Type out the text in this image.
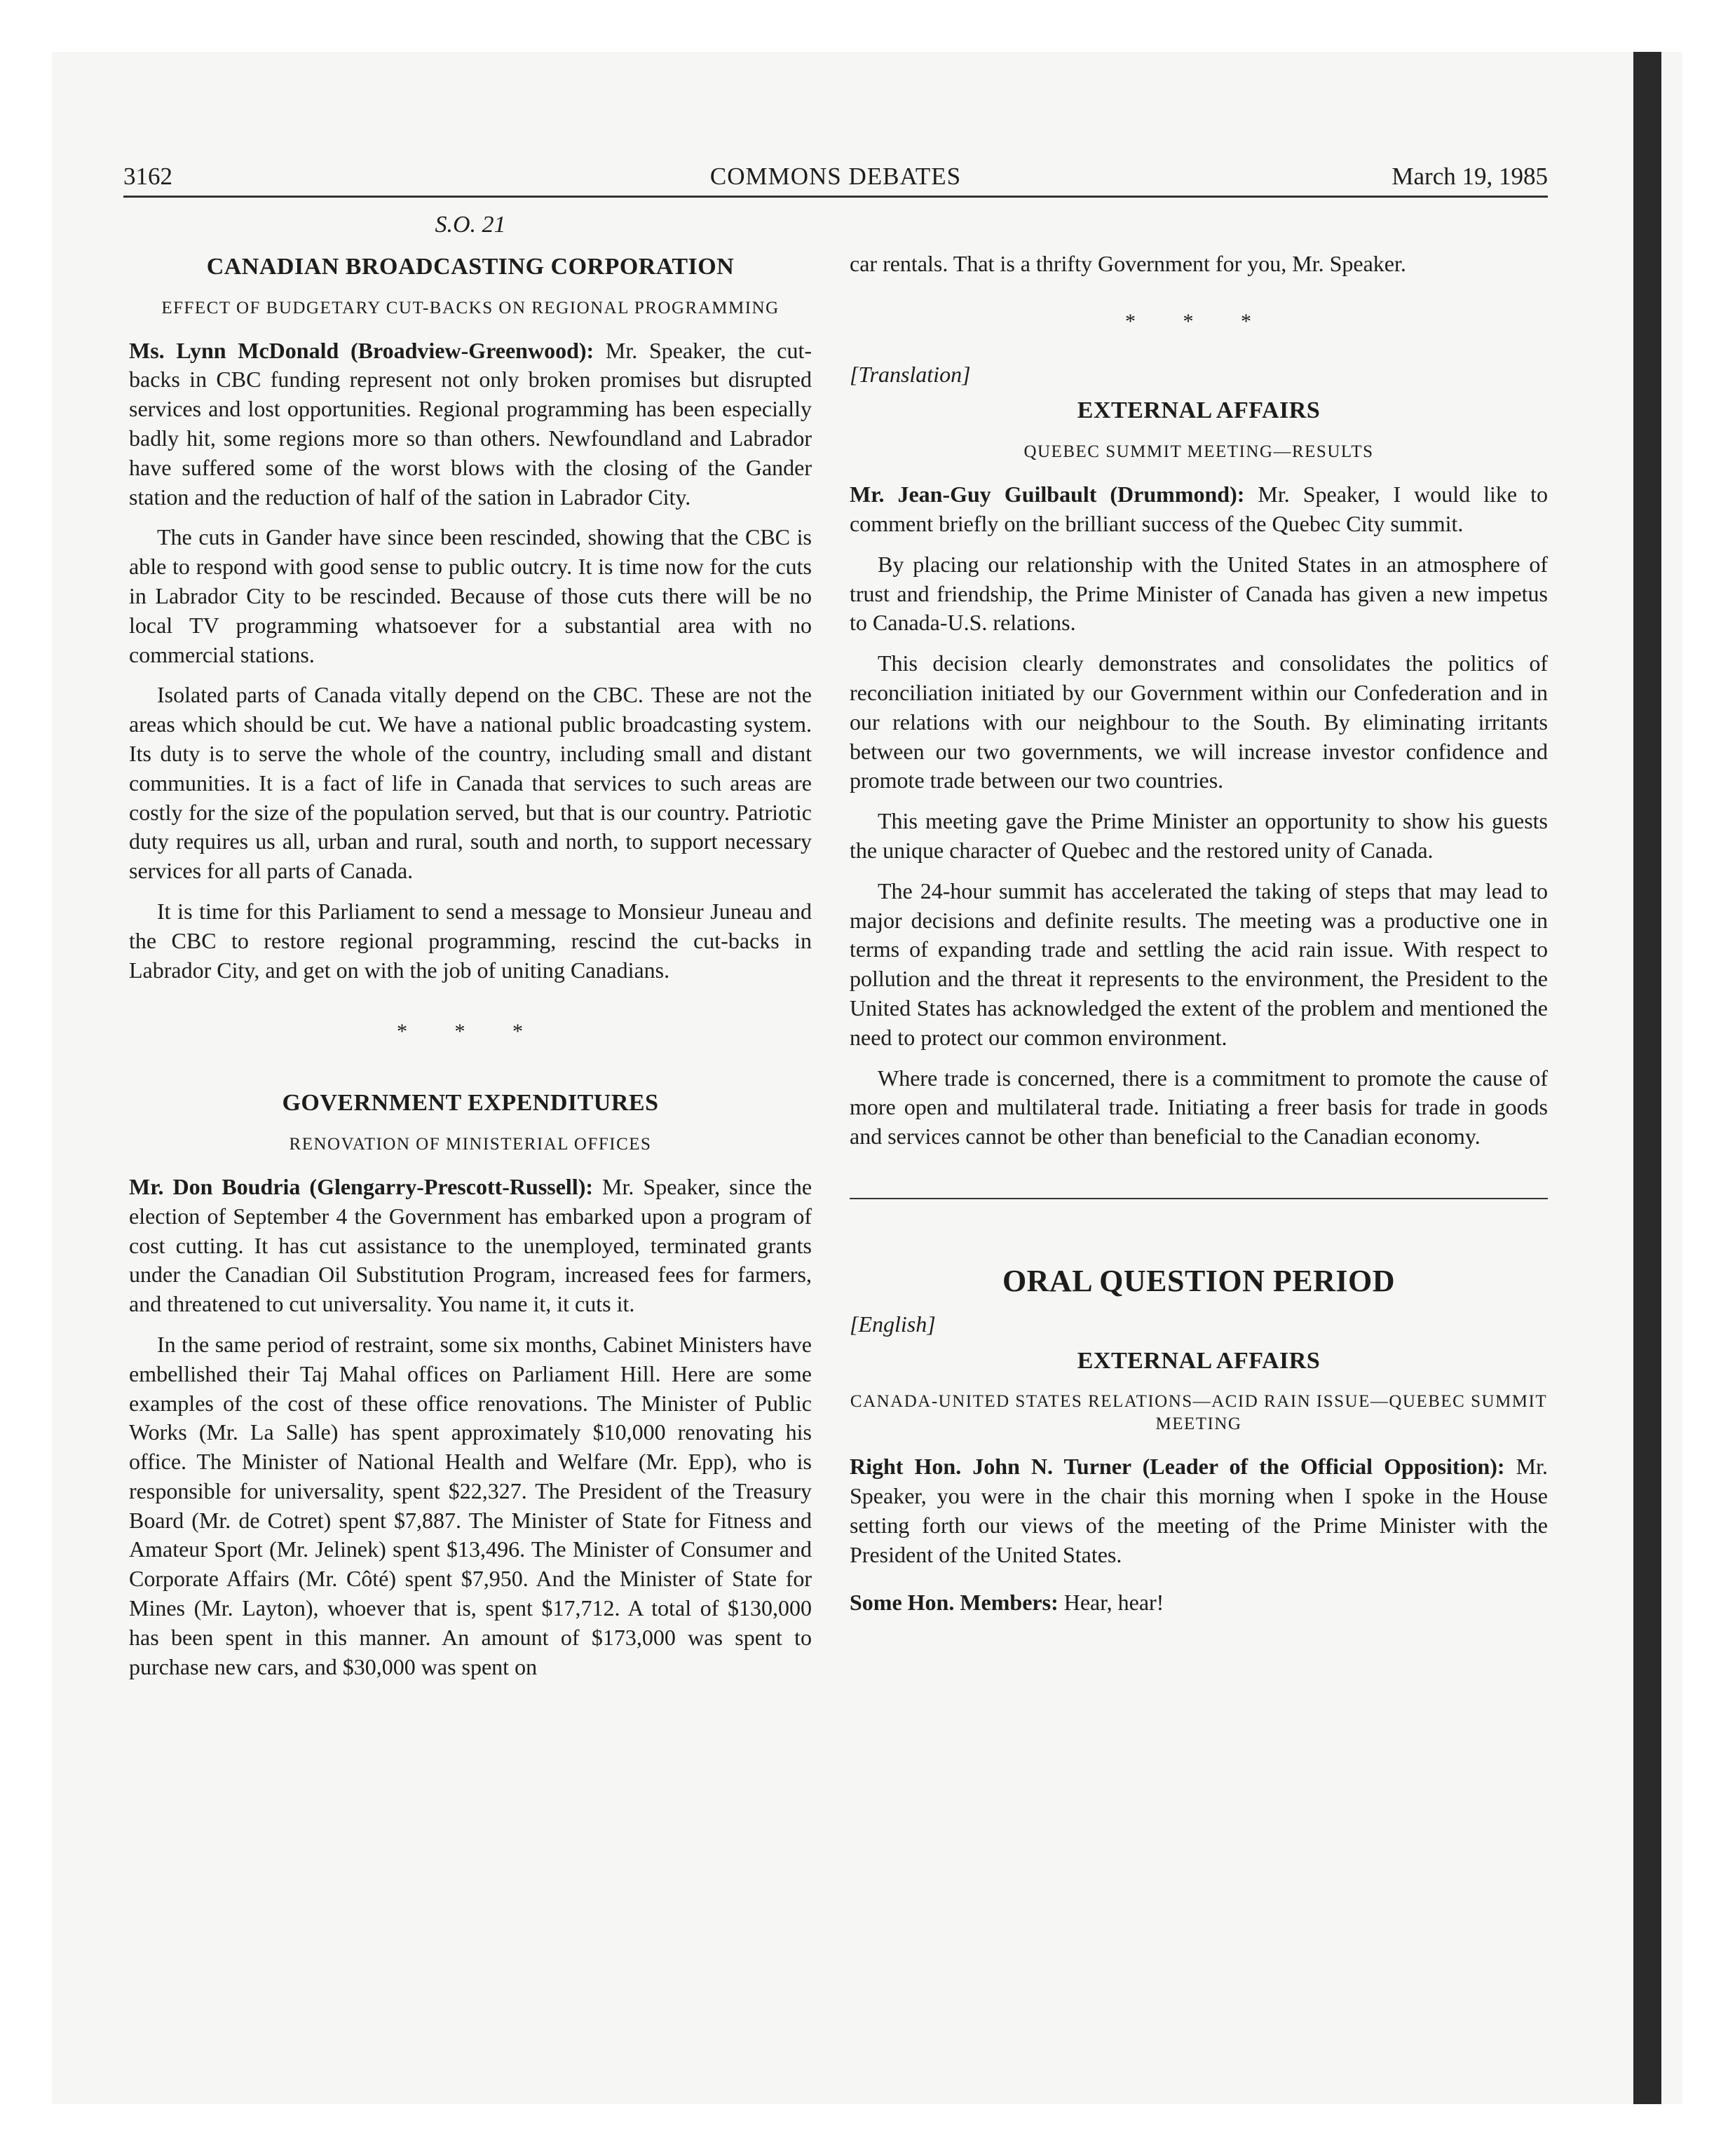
3162	COMMONS DEBATES	March 19, 1985
S.O. 21
CANADIAN BROADCASTING CORPORATION
EFFECT OF BUDGETARY CUT-BACKS ON REGIONAL PROGRAMMING

Ms. Lynn McDonald (Broadview-Greenwood): Mr. Speaker, the cut-backs in CBC funding represent not only broken promises but disrupted services and lost opportunities. Regional programming has been especially badly hit, some regions more so than others. Newfoundland and Labrador have suffered some of the worst blows with the closing of the Gander station and the reduction of half of the sation in Labrador City.

The cuts in Gander have since been rescinded, showing that the CBC is able to respond with good sense to public outcry. It is time now for the cuts in Labrador City to be rescinded. Because of those cuts there will be no local TV programming whatsoever for a substantial area with no commercial stations.

Isolated parts of Canada vitally depend on the CBC. These are not the areas which should be cut. We have a national public broadcasting system. Its duty is to serve the whole of the country, including small and distant communities. It is a fact of life in Canada that services to such areas are costly for the size of the population served, but that is our country. Patriotic duty requires us all, urban and rural, south and north, to support necessary services for all parts of Canada.

It is time for this Parliament to send a message to Monsieur Juneau and the CBC to restore regional programming, rescind the cut-backs in Labrador City, and get on with the job of uniting Canadians.

* * *
GOVERNMENT EXPENDITURES
RENOVATION OF MINISTERIAL OFFICES

Mr. Don Boudria (Glengarry-Prescott-Russell): Mr. Speaker, since the election of September 4 the Government has embarked upon a program of cost cutting. It has cut assistance to the unemployed, terminated grants under the Canadian Oil Substitution Program, increased fees for farmers, and threatened to cut universality. You name it, it cuts it.

In the same period of restraint, some six months, Cabinet Ministers have embellished their Taj Mahal offices on Parliament Hill. Here are some examples of the cost of these office renovations. The Minister of Public Works (Mr. La Salle) has spent approximately $10,000 renovating his office. The Minister of National Health and Welfare (Mr. Epp), who is responsible for universality, spent $22,327. The President of the Treasury Board (Mr. de Cotret) spent $7,887. The Minister of State for Fitness and Amateur Sport (Mr. Jelinek) spent $13,496. The Minister of Consumer and Corporate Affairs (Mr. Côté) spent $7,950. And the Minister of State for Mines (Mr. Layton), whoever that is, spent $17,712. A total of $130,000 has been spent in this manner. An amount of $173,000 was spent to purchase new cars, and $30,000 was spent on

car rentals. That is a thrifty Government for you, Mr. Speaker.

* * *
[Translation]
EXTERNAL AFFAIRS
QUEBEC SUMMIT MEETING—RESULTS

Mr. Jean-Guy Guilbault (Drummond): Mr. Speaker, I would like to comment briefly on the brilliant success of the Quebec City summit.

By placing our relationship with the United States in an atmosphere of trust and friendship, the Prime Minister of Canada has given a new impetus to Canada-U.S. relations.

This decision clearly demonstrates and consolidates the politics of reconciliation initiated by our Government within our Confederation and in our relations with our neighbour to the South. By eliminating irritants between our two governments, we will increase investor confidence and promote trade between our two countries.

This meeting gave the Prime Minister an opportunity to show his guests the unique character of Quebec and the restored unity of Canada.

The 24-hour summit has accelerated the taking of steps that may lead to major decisions and definite results. The meeting was a productive one in terms of expanding trade and settling the acid rain issue. With respect to pollution and the threat it represents to the environment, the President to the United States has acknowledged the extent of the problem and mentioned the need to protect our common environment.

Where trade is concerned, there is a commitment to promote the cause of more open and multilateral trade. Initiating a freer basis for trade in goods and services cannot be other than beneficial to the Canadian economy.

ORAL QUESTION PERIOD
[English]
EXTERNAL AFFAIRS
CANADA-UNITED STATES RELATIONS—ACID RAIN ISSUE—QUEBEC SUMMIT MEETING

Right Hon. John N. Turner (Leader of the Official Opposition): Mr. Speaker, you were in the chair this morning when I spoke in the House setting forth our views of the meeting of the Prime Minister with the President of the United States.

Some Hon. Members: Hear, hear!
